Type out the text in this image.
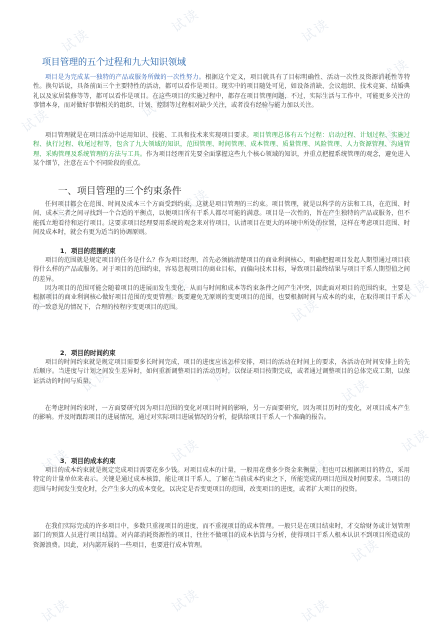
试读
试读	试读
试读
试读
试读	试读
试读
试读	试读
试读
试读	试读
试读
试读
试读	试读
试读
试读	试读
试读
试读
试读	试读
试读
试读	试读	试读
项目管理的五个过程和九大知识领域

项目是为完成某一独特的产品或服务所做的一次性努力。根据这个定义，项目就具有了目标明确性、活动一次性及资源消耗性等特性。换句话说，具备前面三个主要特性的活动，都可以看作是项目。现实中的项目随处可见，如设备消缺、会议组织、技术竞赛、结婚典礼以及家居装修等等，都可以看作是项目。在这些项目的实施过程中，都存在项目管理问题，不过，实际生活与工作中，可能更多关注的事情本身，而对做好事情相关的组织、计划、控制等过程相对缺少关注，或者没有经验与能力加以关注。

项目管理就是在项目活动中运用知识、技能、工具和技术来实现项目要求。项目管理总体有五个过程：启动过程、计划过程、实施过程、执行过程、收尾过程等，包含了九大领域的知识，范围管理、时间管理、成本管理、质量管理、风险管理、人力资源管理、沟通管理、采购管理及系统管理的方法与工具。作为项目经理首先要全面掌握这些九个核心领域的知识，并重点把握系统管理的观念，避免进入某个细节，注意在五个不同阶段的重点。

一、项目管理的三个约束条件

任何项目都会在范围、时间及成本三个方面受到约束，这就是项目管理的三约束。项目管理，就是以科学的方法和工具，在范围、时间、成本三者之间寻找到一个合适的平衡点，以便项目所有干系人都尽可能的满意。项目是一次性的，旨在产生独特的产品或服务，但不能孤立地看待和运行项目。这要求项目经理要用系统的观念来对待项目，认清项目在更大的环境中所处的位置，这样在考虑项目范围、时间及成本时，就会有更为适当的协调原则。

1．项目的范围约束

项目的范围就是规定项目的任务是什么？作为项目经理，首先必须搞清楚项目的商业利润核心，明确把握项目发起人期望通过项目获得什么样的产品或服务。对于项目的范围约束，容易忽视项目的商业目标，而偏向技术目标，导致项目最终结果与项目干系人期望值之间的差异。

因为项目的范围可能会随着项目的进展而发生变化，从而与时间和成本等约束条件之间产生冲突，因此面对项目的范围约束，主要是根据项目的商业利润核心做好项目范围的变更管理。既要避免无原则的变更项目的范围，也要根据时间与成本的约束，在取得项目干系人的一致意见的情况下，合理的按程序变更项目的范围。

2．项目的时间约束

项目的时间约束就是规定项目需要多长时间完成，项目的进度应该怎样安排，项目的活动在时间上的要求，各活动在时间安排上的先后顺序。当进度与计划之间发生差异时，如何重新调整项目的活动历时，以保证项目按期完成，或者通过调整项目的总体完成工期，以保证活动的时间与质量。

在考虑时间约束时，一方面要研究因为项目范围的变化对项目时间的影响，另一方面要研究，因为项目历时的变化，对项目成本产生的影响。并及时跟踪项目的进展情况，通过对实际项目进展情况的分析，提供给项目干系人一个准确的报告。

3．项目的成本约束

项目的成本约束就是规定完成项目需要花多少钱。对项目成本的计量，一般用花费多少资金来衡量，但也可以根据项目的特点，采用特定的计量单位来表示。关键是通过成本核算，能让项目干系人，了解在当前成本约束之下，所能完成的项目范围及时间要求。当项目的范围与时间发生变化时，会产生多大的成本变化，以决定是否变更项目的范围，改变项目的进度，或者扩大项目的投资。

在我们实际完成的许多项目中，多数只重视项目的进度，而不重视项目的成本管理。一般只是在项目结束时，才交给财务或计划管理部门的预算人员进行项目结算。对内部消耗资源性的项目，往往不做项目的成本估算与分析，使得项目干系人根本认识不到项目所造成的资源浪费。因此，对内部开展的一些项目，也要进行成本管理。
